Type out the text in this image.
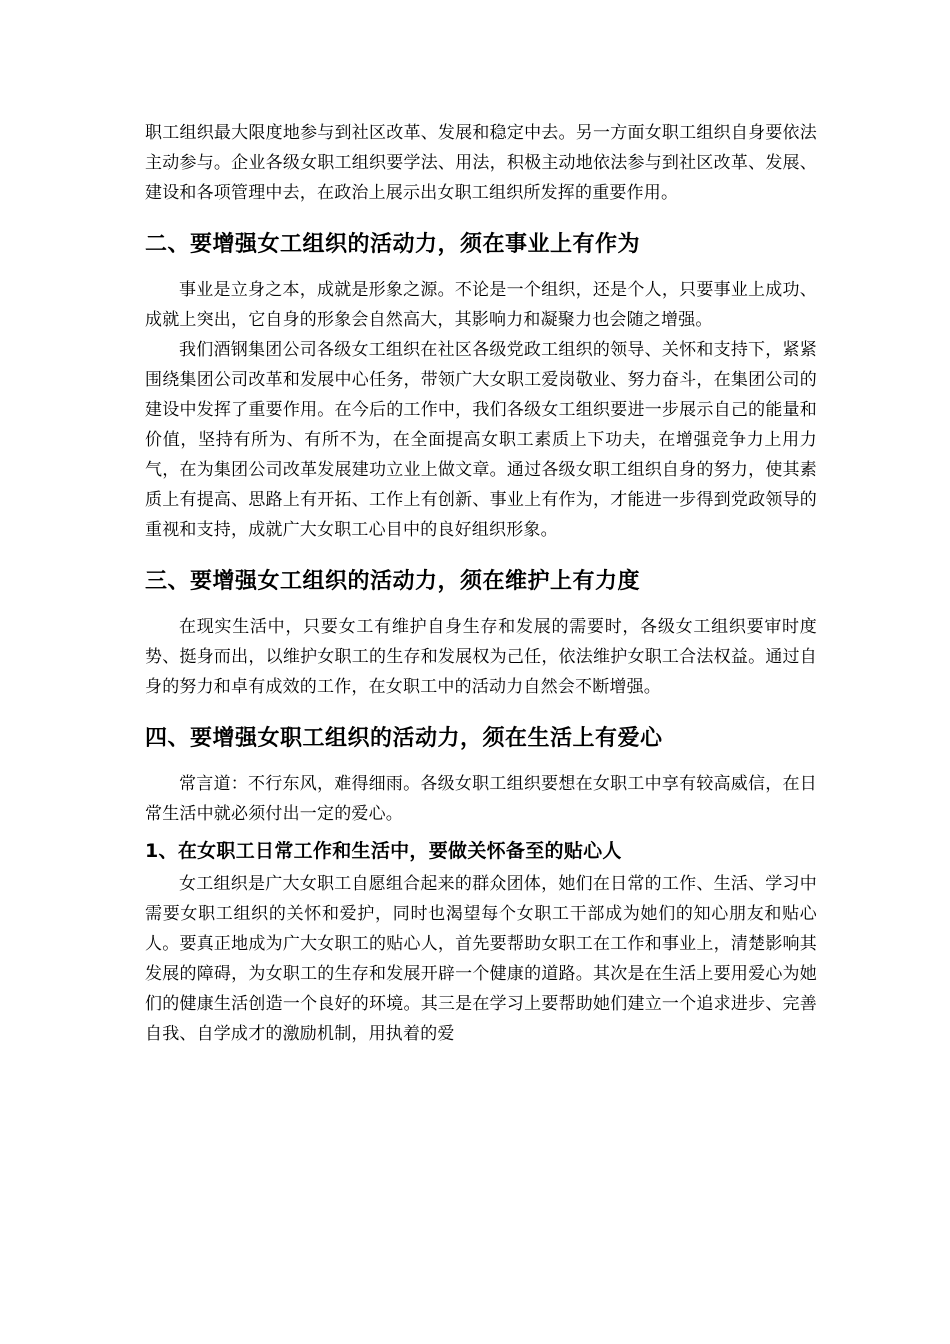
职工组织最大限度地参与到社区改革、发展和稳定中去。另一方面女职工组织自身要依法主动参与。企业各级女职工组织要学法、用法，积极主动地依法参与到社区改革、发展、建设和各项管理中去，在政治上展示出女职工组织所发挥的重要作用。

二、要增强女工组织的活动力，须在事业上有作为

事业是立身之本，成就是形象之源。不论是一个组织，还是个人，只要事业上成功、成就上突出，它自身的形象会自然高大，其影响力和凝聚力也会随之增强。

我们酒钢集团公司各级女工组织在社区各级党政工组织的领导、关怀和支持下，紧紧围绕集团公司改革和发展中心任务，带领广大女职工爱岗敬业、努力奋斗，在集团公司的建设中发挥了重要作用。在今后的工作中，我们各级女工组织要进一步展示自己的能量和价值，坚持有所为、有所不为，在全面提高女职工素质上下功夫，在增强竞争力上用力气，在为集团公司改革发展建功立业上做文章。通过各级女职工组织自身的努力，使其素质上有提高、思路上有开拓、工作上有创新、事业上有作为，才能进一步得到党政领导的重视和支持，成就广大女职工心目中的良好组织形象。

三、要增强女工组织的活动力，须在维护上有力度

在现实生活中，只要女工有维护自身生存和发展的需要时，各级女工组织要审时度势、挺身而出，以维护女职工的生存和发展权为己任，依法维护女职工合法权益。通过自身的努力和卓有成效的工作，在女职工中的活动力自然会不断增强。

四、要增强女职工组织的活动力，须在生活上有爱心

常言道：不行东风，难得细雨。各级女职工组织要想在女职工中享有较高威信，在日常生活中就必须付出一定的爱心。

1、在女职工日常工作和生活中，要做关怀备至的贴心人

女工组织是广大女职工自愿组合起来的群众团体，她们在日常的工作、生活、学习中需要女职工组织的关怀和爱护，同时也渴望每个女职工干部成为她们的知心朋友和贴心人。要真正地成为广大女职工的贴心人，首先要帮助女职工在工作和事业上，清楚影响其发展的障碍，为女职工的生存和发展开辟一个健康的道路。其次是在生活上要用爱心为她们的健康生活创造一个良好的环境。其三是在学习上要帮助她们建立一个追求进步、完善自我、自学成才的激励机制，用执着的爱
